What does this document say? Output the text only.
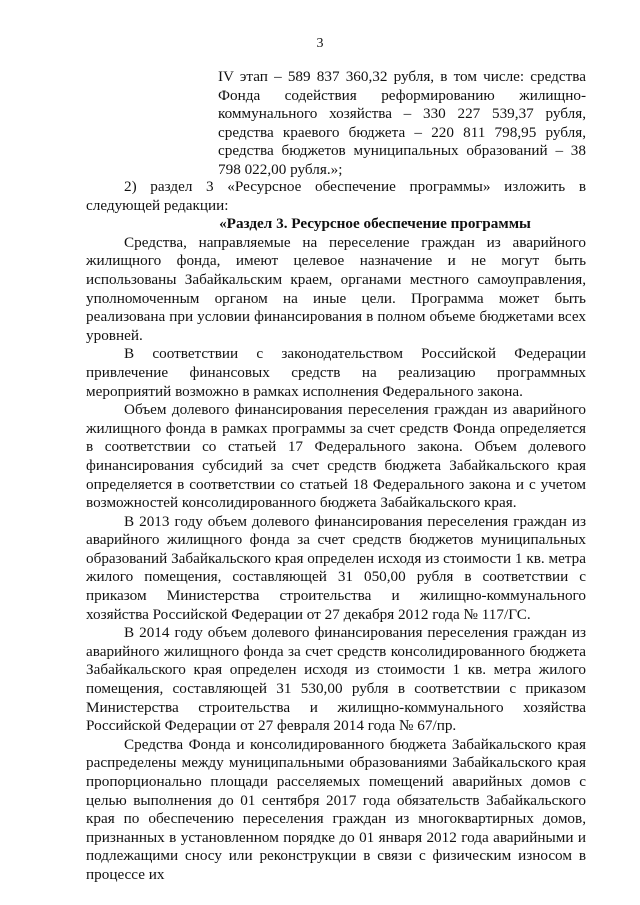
3
IV этап – 589 837 360,32 рубля, в том числе: средства Фонда содействия реформированию жилищно-коммунального хозяйства – 330 227 539,37 рубля, средства краевого бюджета – 220 811 798,95 рубля, средства бюджетов муниципальных образований – 38 798 022,00 рубля.»;

2) раздел 3 «Ресурсное обеспечение программы» изложить в следующей редакции:

«Раздел 3. Ресурсное обеспечение программы

Средства, направляемые на переселение граждан из аварийного жилищного фонда, имеют целевое назначение и не могут быть использованы Забайкальским краем, органами местного самоуправления, уполномоченным органом на иные цели. Программа может быть реализована при условии финансирования в полном объеме бюджетами всех уровней.

В соответствии с законодательством Российской Федерации привлечение финансовых средств на реализацию программных мероприятий возможно в рамках исполнения Федерального закона.

Объем долевого финансирования переселения граждан из аварийного жилищного фонда в рамках программы за счет средств Фонда определяется в соответствии со статьей 17 Федерального закона. Объем долевого финансирования субсидий за счет средств бюджета Забайкальского края определяется в соответствии со статьей 18 Федерального закона и с учетом возможностей консолидированного бюджета Забайкальского края.

В 2013 году объем долевого финансирования переселения граждан из аварийного жилищного фонда за счет средств бюджетов муниципальных образований Забайкальского края определен исходя из стоимости 1 кв. метра жилого помещения, составляющей 31 050,00 рубля в соответствии с приказом Министерства строительства и жилищно-коммунального хозяйства Российской Федерации от 27 декабря 2012 года № 117/ГС.

В 2014 году объем долевого финансирования переселения граждан из аварийного жилищного фонда за счет средств консолидированного бюджета Забайкальского края определен исходя из стоимости 1 кв. метра жилого помещения, составляющей 31 530,00 рубля в соответствии с приказом Министерства строительства и жилищно-коммунального хозяйства Российской Федерации от 27 февраля 2014 года № 67/пр.

Средства Фонда и консолидированного бюджета Забайкальского края распределены между муниципальными образованиями Забайкальского края пропорционально площади расселяемых помещений аварийных домов с целью выполнения до 01 сентября 2017 года обязательств Забайкальского края по обеспечению переселения граждан из многоквартирных домов, признанных в установленном порядке до 01 января 2012 года аварийными и подлежащими сносу или реконструкции в связи с физическим износом в процессе их
